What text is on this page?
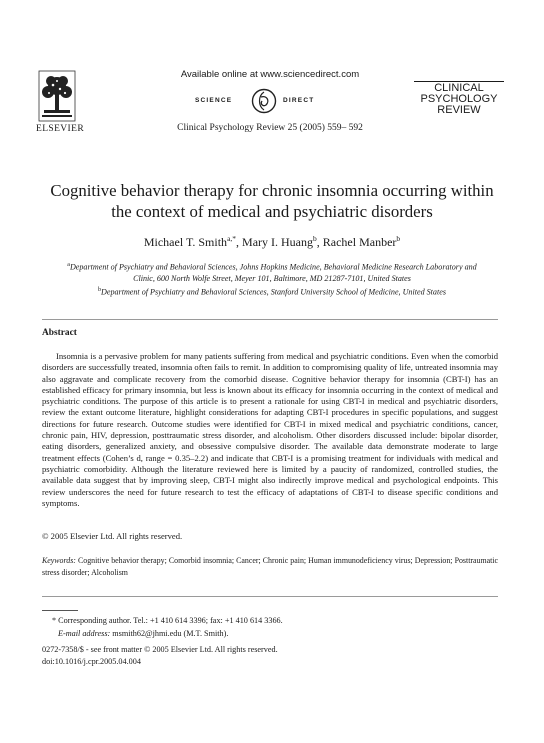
ELSEVIER
Available online at www.sciencedirect.com
SCIENCE	DIRECT
Clinical Psychology Review 25 (2005) 559– 592
CLINICAL
PSYCHOLOGY
REVIEW
Cognitive behavior therapy for chronic insomnia occurring within
the context of medical and psychiatric disorders
Michael T. Smith$^{a,*}$, Mary I. Huang$^b$, Rachel Manber$^b$
$^a$Department of Psychiatry and Behavioral Sciences, Johns Hopkins Medicine, Behavioral Medicine Research Laboratory and
Clinic, 600 North Wolfe Street, Meyer 101, Baltimore, MD 21287-7101, United States
$^b$Department of Psychiatry and Behavioral Sciences, Stanford University School of Medicine, United States
Abstract
Insomnia is a pervasive problem for many patients suffering from medical and psychiatric conditions. Even when the comorbid disorders are successfully treated, insomnia often fails to remit. In addition to compromising quality of life, untreated insomnia may also aggravate and complicate recovery from the comorbid disease. Cognitive behavior therapy for insomnia (CBT-I) has an established efficacy for primary insomnia, but less is known about its efficacy for insomnia occurring in the context of medical and psychiatric conditions. The purpose of this article is to present a rationale for using CBT-I in medical and psychiatric disorders, review the extant outcome literature, highlight considerations for adapting CBT-I procedures in specific populations, and suggest directions for future research. Outcome studies were identified for CBT-I in mixed medical and psychiatric conditions, cancer, chronic pain, HIV, depression, posttraumatic stress disorder, and alcoholism. Other disorders discussed include: bipolar disorder, eating disorders, generalized anxiety, and obsessive compulsive disorder. The available data demonstrate moderate to large treatment effects (Cohen’s d, range = 0.35–2.2) and indicate that CBT-I is a promising treatment for individuals with medical and psychiatric comorbidity. Although the literature reviewed here is limited by a paucity of randomized, controlled studies, the available data suggest that by improving sleep, CBT-I might also indirectly improve medical and psychological endpoints. This review underscores the need for future research to test the efficacy of adaptations of CBT-I to disease specific conditions and symptoms.
© 2005 Elsevier Ltd. All rights reserved.
Keywords: Cognitive behavior therapy; Comorbid insomnia; Cancer; Chronic pain; Human immunodeficiency virus; Depression; Posttraumatic stress disorder; Alcoholism
* Corresponding author. Tel.: +1 410 614 3396; fax: +1 410 614 3366.
E-mail address: msmith62@jhmi.edu (M.T. Smith).
0272-7358/$ - see front matter © 2005 Elsevier Ltd. All rights reserved.
doi:10.1016/j.cpr.2005.04.004
